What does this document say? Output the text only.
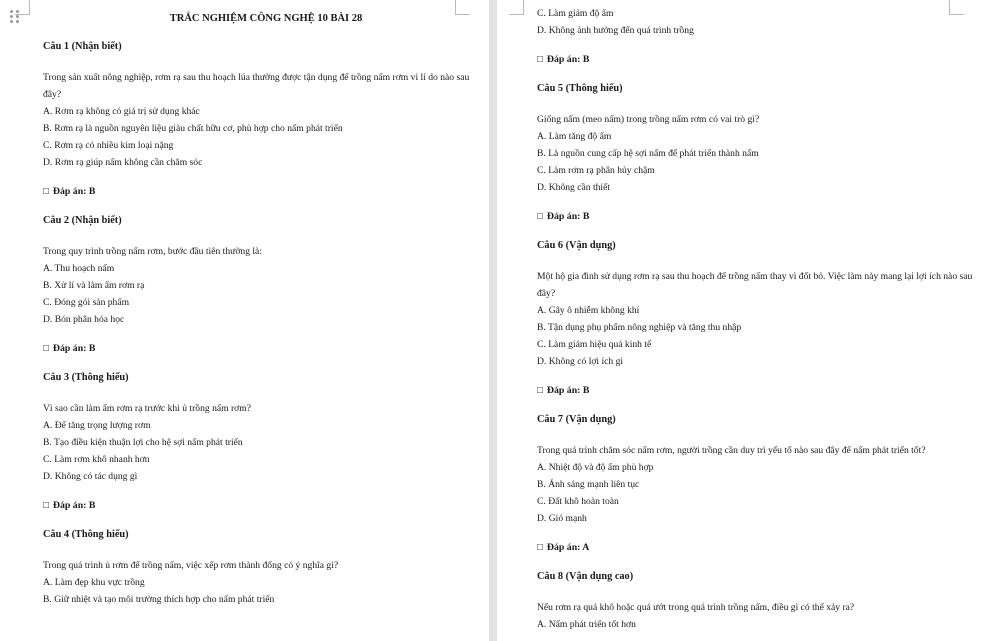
TRẮC NGHIỆM CÔNG NGHỆ 10 BÀI 28
Câu 1 (Nhận biết)
Trong sản xuất nông nghiệp, rơm rạ sau thu hoạch lúa thường được tận dụng để trồng nấm rơm vì lí do nào sau đây?
A. Rơm rạ không có giá trị sử dụng khác
B. Rơm rạ là nguồn nguyên liệu giàu chất hữu cơ, phù hợp cho nấm phát triển
C. Rơm rạ có nhiều kim loại nặng
D. Rơm rạ giúp nấm không cần chăm sóc
□ Đáp án: B
Câu 2 (Nhận biết)
Trong quy trình trồng nấm rơm, bước đầu tiên thường là:
A. Thu hoạch nấm
B. Xử lí và làm ẩm rơm rạ
C. Đóng gói sản phẩm
D. Bón phân hóa học
□ Đáp án: B
Câu 3 (Thông hiểu)
Vì sao cần làm ẩm rơm rạ trước khi ủ trồng nấm rơm?
A. Để tăng trọng lượng rơm
B. Tạo điều kiện thuận lợi cho hệ sợi nấm phát triển
C. Làm rơm khô nhanh hơn
D. Không có tác dụng gì
□ Đáp án: B
Câu 4 (Thông hiểu)
Trong quá trình ủ rơm để trồng nấm, việc xếp rơm thành đống có ý nghĩa gì?
A. Làm đẹp khu vực trồng
B. Giữ nhiệt và tạo môi trường thích hợp cho nấm phát triển
C. Làm giảm độ ẩm
D. Không ảnh hưởng đến quá trình trồng
□ Đáp án: B
Câu 5 (Thông hiểu)
Giống nấm (meo nấm) trong trồng nấm rơm có vai trò gì?
A. Làm tăng độ ẩm
B. Là nguồn cung cấp hệ sợi nấm để phát triển thành nấm
C. Làm rơm rạ phân hủy chậm
D. Không cần thiết
□ Đáp án: B
Câu 6 (Vận dụng)
Một hộ gia đình sử dụng rơm rạ sau thu hoạch để trồng nấm thay vì đốt bỏ. Việc làm này mang lại lợi ích nào sau đây?
A. Gây ô nhiễm không khí
B. Tận dụng phụ phẩm nông nghiệp và tăng thu nhập
C. Làm giảm hiệu quả kinh tế
D. Không có lợi ích gì
□ Đáp án: B
Câu 7 (Vận dụng)
Trong quá trình chăm sóc nấm rơm, người trồng cần duy trì yếu tố nào sau đây để nấm phát triển tốt?
A. Nhiệt độ và độ ẩm phù hợp
B. Ánh sáng mạnh liên tục
C. Đất khô hoàn toàn
D. Gió mạnh
□ Đáp án: A
Câu 8 (Vận dụng cao)
Nếu rơm rạ quá khô hoặc quá ướt trong quá trình trồng nấm, điều gì có thể xảy ra?
A. Nấm phát triển tốt hơn
